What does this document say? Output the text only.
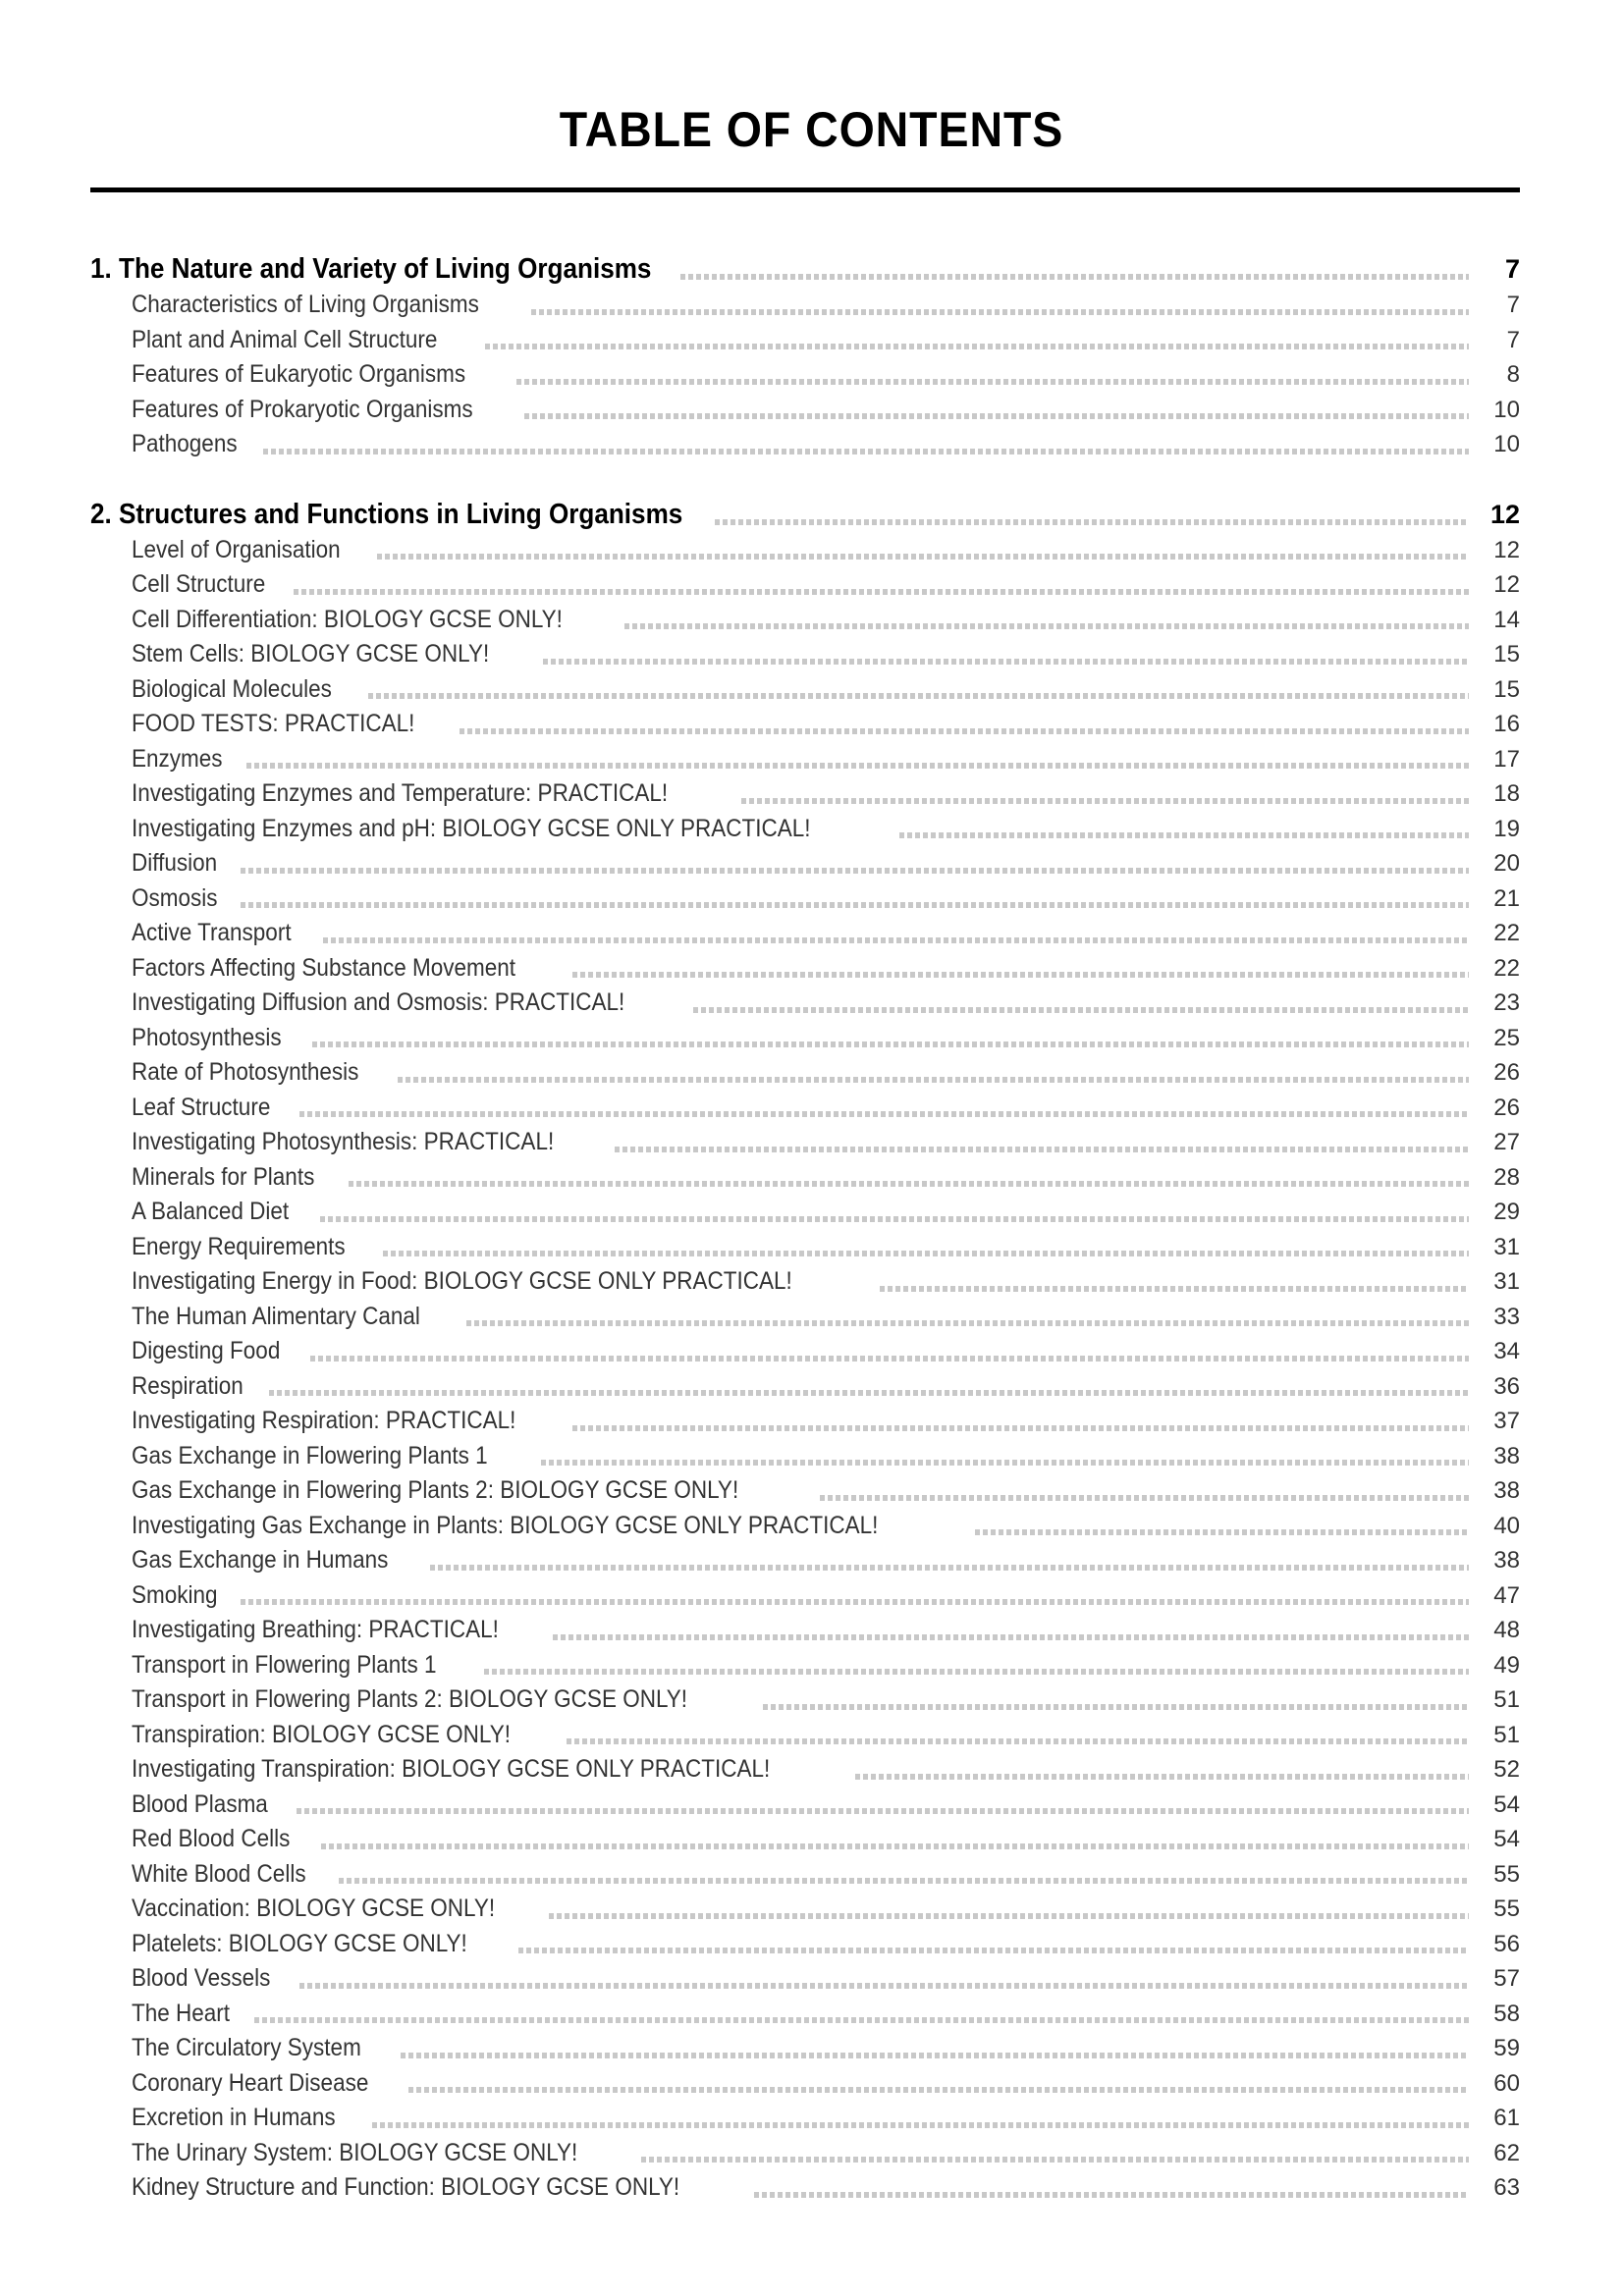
TABLE OF CONTENTS
1. The Nature and Variety of Living Organisms	7
Characteristics of Living Organisms	7
Plant and Animal Cell Structure	7
Features of Eukaryotic Organisms	8
Features of Prokaryotic Organisms	10
Pathogens	10
2. Structures and Functions in Living Organisms	12
Level of Organisation	12
Cell Structure	12
Cell Differentiation: BIOLOGY GCSE ONLY!	14
Stem Cells: BIOLOGY GCSE ONLY!	15
Biological Molecules	15
FOOD TESTS: PRACTICAL!	16
Enzymes	17
Investigating Enzymes and Temperature: PRACTICAL!	18
Investigating Enzymes and pH: BIOLOGY GCSE ONLY PRACTICAL!	19
Diffusion	20
Osmosis	21
Active Transport	22
Factors Affecting Substance Movement	22
Investigating Diffusion and Osmosis: PRACTICAL!	23
Photosynthesis	25
Rate of Photosynthesis	26
Leaf Structure	26
Investigating Photosynthesis: PRACTICAL!	27
Minerals for Plants	28
A Balanced Diet	29
Energy Requirements	31
Investigating Energy in Food: BIOLOGY GCSE ONLY PRACTICAL!	31
The Human Alimentary Canal	33
Digesting Food	34
Respiration	36
Investigating Respiration: PRACTICAL!	37
Gas Exchange in Flowering Plants 1	38
Gas Exchange in Flowering Plants 2: BIOLOGY GCSE ONLY!	38
Investigating Gas Exchange in Plants: BIOLOGY GCSE ONLY PRACTICAL!	40
Gas Exchange in Humans	38
Smoking	47
Investigating Breathing: PRACTICAL!	48
Transport in Flowering Plants 1	49
Transport in Flowering Plants 2: BIOLOGY GCSE ONLY!	51
Transpiration: BIOLOGY GCSE ONLY!	51
Investigating Transpiration: BIOLOGY GCSE ONLY PRACTICAL!	52
Blood Plasma	54
Red Blood Cells	54
White Blood Cells	55
Vaccination: BIOLOGY GCSE ONLY!	55
Platelets: BIOLOGY GCSE ONLY!	56
Blood Vessels	57
The Heart	58
The Circulatory System	59
Coronary Heart Disease	60
Excretion in Humans	61
The Urinary System: BIOLOGY GCSE ONLY!	62
Kidney Structure and Function: BIOLOGY GCSE ONLY!	63
